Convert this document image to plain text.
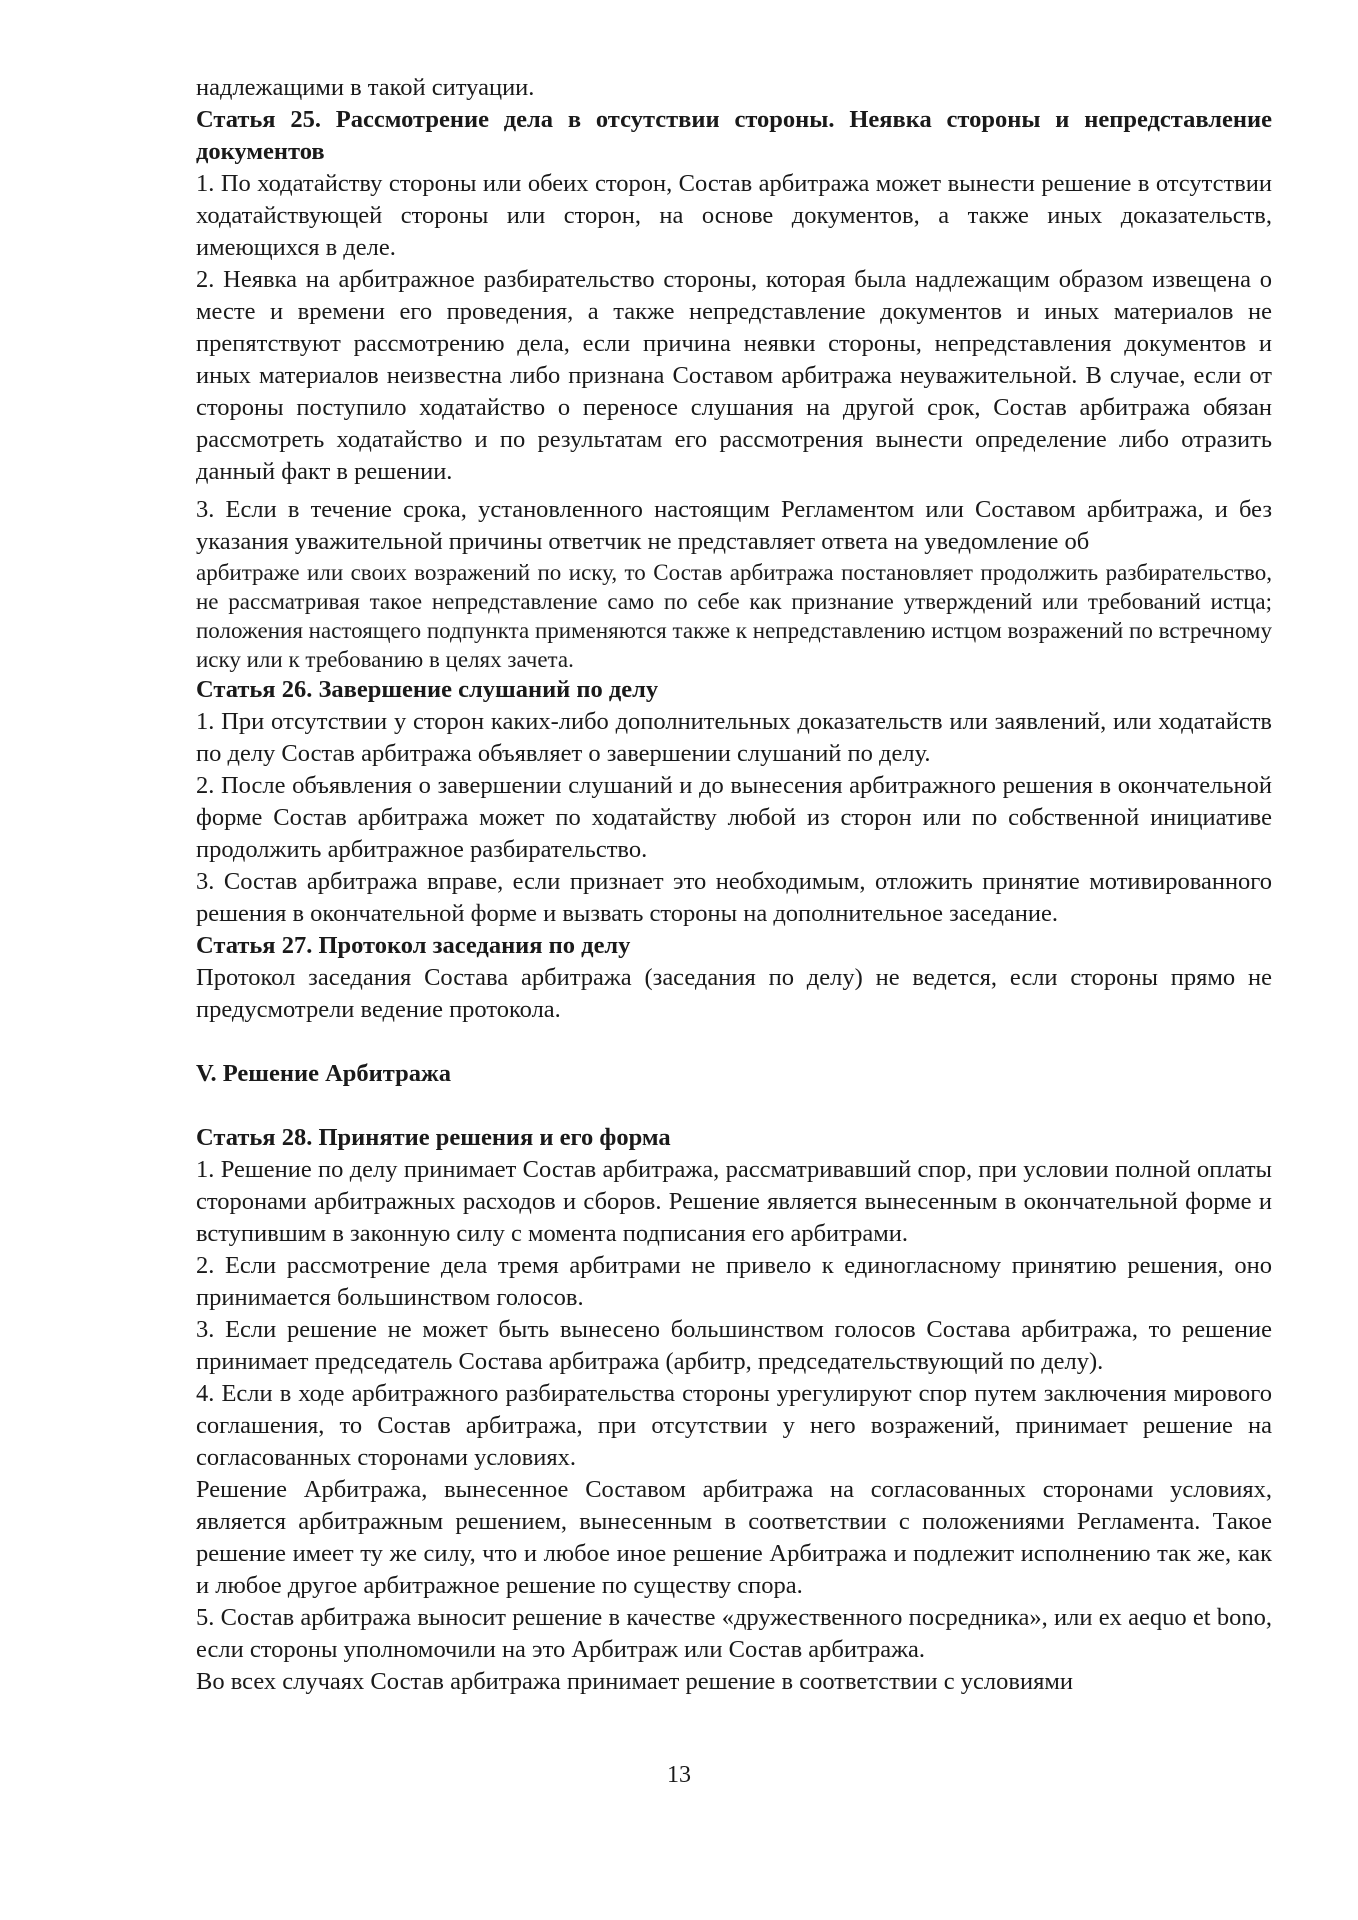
надлежащими в такой ситуации.

Статья 25. Рассмотрение дела в отсутствии стороны. Неявка стороны и непредставление документов

1. По ходатайству стороны или обеих сторон, Состав арбитража может вынести решение в отсутствии ходатайствующей стороны или сторон, на основе документов, а также иных доказательств, имеющихся в деле.

2. Неявка на арбитражное разбирательство стороны, которая была надлежащим образом извещена о месте и времени его проведения, а также непредставление документов и иных материалов не препятствуют рассмотрению дела, если причина неявки стороны, непредставления документов и иных материалов неизвестна либо признана Составом арбитража неуважительной. В случае, если от стороны поступило ходатайство о переносе слушания на другой срок, Состав арбитража обязан рассмотреть ходатайство и по результатам его рассмотрения вынести определение либо отразить данный факт в решении.

3. Если в течение срока, установленного настоящим Регламентом или Составом арбитража, и без указания уважительной причины ответчик не представляет ответа на уведомление об

арбитраже или своих возражений по иску, то Состав арбитража постановляет продолжить разбирательство, не рассматривая такое непредставление само по себе как признание утверждений или требований истца; положения настоящего подпункта применяются также к непредставлению истцом возражений по встречному иску или к требованию в целях зачета.

Статья 26. Завершение слушаний по делу

1. При отсутствии у сторон каких-либо дополнительных доказательств или заявлений, или ходатайств по делу Состав арбитража объявляет о завершении слушаний по делу.

2. После объявления о завершении слушаний и до вынесения арбитражного решения в окончательной форме Состав арбитража может по ходатайству любой из сторон или по собственной инициативе продолжить арбитражное разбирательство.

3. Состав арбитража вправе, если признает это необходимым, отложить принятие мотивированного решения в окончательной форме и вызвать стороны на дополнительное заседание.

Статья 27. Протокол заседания по делу

Протокол заседания Состава арбитража (заседания по делу) не ведется, если стороны прямо не предусмотрели ведение протокола.

V. Решение Арбитража

Статья 28. Принятие решения и его форма

1. Решение по делу принимает Состав арбитража, рассматривавший спор, при условии полной оплаты сторонами арбитражных расходов и сборов. Решение является вынесенным в окончательной форме и вступившим в законную силу с момента подписания его арбитрами.

2. Если рассмотрение дела тремя арбитрами не привело к единогласному принятию решения, оно принимается большинством голосов.

3. Если решение не может быть вынесено большинством голосов Состава арбитража, то решение принимает председатель Состава арбитража (арбитр, председательствующий по делу).

4. Если в ходе арбитражного разбирательства стороны урегулируют спор путем заключения мирового соглашения, то Состав арбитража, при отсутствии у него возражений, принимает решение на согласованных сторонами условиях.

Решение Арбитража, вынесенное Составом арбитража на согласованных сторонами условиях, является арбитражным решением, вынесенным в соответствии с положениями Регламента. Такое решение имеет ту же силу, что и любое иное решение Арбитража и подлежит исполнению так же, как и любое другое арбитражное решение по существу спора.

5. Состав арбитража выносит решение в качестве «дружественного посредника», или ex aequo et bono, если стороны уполномочили на это Арбитраж или Состав арбитража.

Во всех случаях Состав арбитража принимает решение в соответствии с условиями

13
